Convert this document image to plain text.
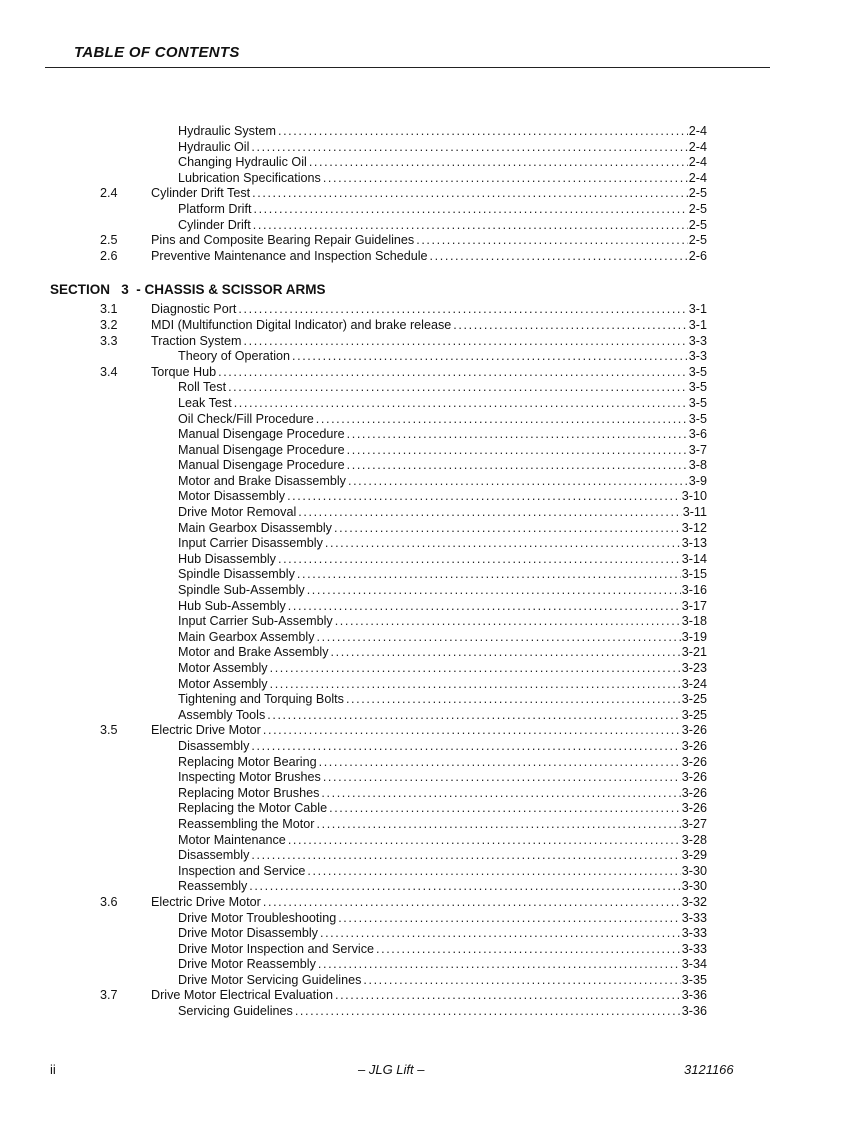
TABLE OF CONTENTS
Hydraulic System .....	2-4
Hydraulic Oil .....	2-4
Changing Hydraulic Oil .....	2-4
Lubrication Specifications .....	2-4
2.4	Cylinder Drift Test .....	2-5
Platform Drift .....	2-5
Cylinder Drift .....	2-5
2.5	Pins and Composite Bearing Repair Guidelines .....	2-5
2.6	Preventive Maintenance and Inspection Schedule .....	2-6
SECTION   3  - CHASSIS & SCISSOR ARMS
3.1	Diagnostic Port .....	3-1
3.2	MDI (Multifunction Digital Indicator) and brake release .....	3-1
3.3	Traction System .....	3-3
Theory of Operation .....	3-3
3.4	Torque Hub .....	3-5
Roll Test .....	3-5
Leak Test .....	3-5
Oil Check/Fill Procedure .....	3-5
Manual Disengage Procedure .....	3-6
Manual Disengage Procedure .....	3-7
Manual Disengage Procedure .....	3-8
Motor and Brake Disassembly .....	3-9
Motor Disassembly .....	3-10
Drive Motor Removal .....	3-11
Main Gearbox Disassembly .....	3-12
Input Carrier Disassembly .....	3-13
Hub Disassembly .....	3-14
Spindle Disassembly .....	3-15
Spindle Sub-Assembly .....	3-16
Hub Sub-Assembly .....	3-17
Input Carrier Sub-Assembly .....	3-18
Main Gearbox Assembly .....	3-19
Motor and Brake Assembly .....	3-21
Motor Assembly .....	3-23
Motor Assembly .....	3-24
Tightening and Torquing Bolts .....	3-25
Assembly Tools .....	3-25
3.5	Electric Drive Motor .....	3-26
Disassembly .....	3-26
Replacing Motor Bearing .....	3-26
Inspecting Motor Brushes .....	3-26
Replacing Motor Brushes .....	3-26
Replacing the Motor Cable .....	3-26
Reassembling the Motor .....	3-27
Motor Maintenance .....	3-28
Disassembly .....	3-29
Inspection and Service .....	3-30
Reassembly .....	3-30
3.6	Electric Drive Motor .....	3-32
Drive Motor Troubleshooting .....	3-33
Drive Motor Disassembly .....	3-33
Drive Motor Inspection and Service .....	3-33
Drive Motor Reassembly .....	3-34
Drive Motor Servicing Guidelines .....	3-35
3.7	Drive Motor Electrical Evaluation .....	3-36
Servicing Guidelines .....	3-36
ii	– JLG Lift –	3121166
